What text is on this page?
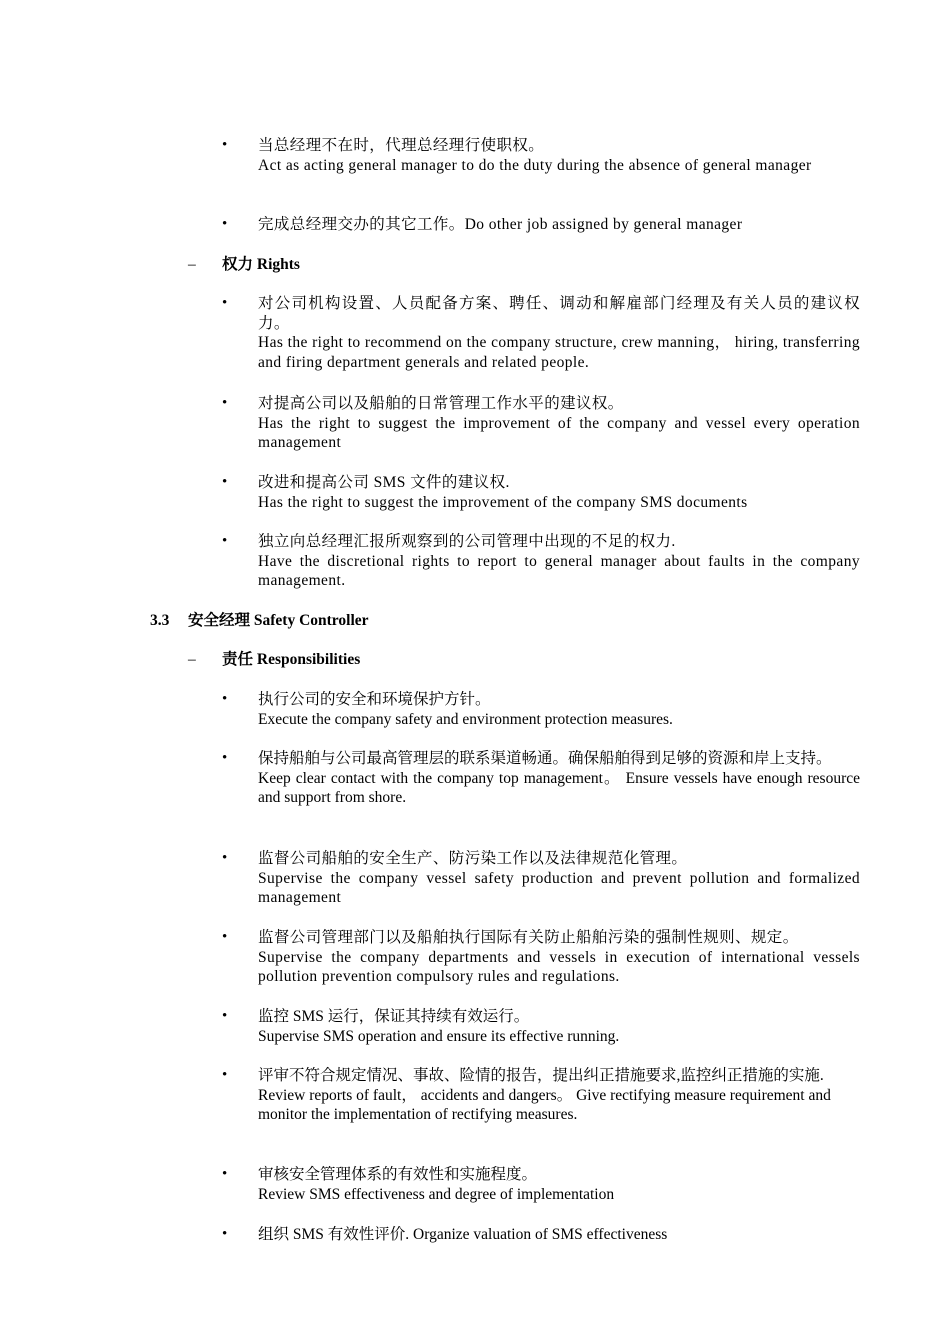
• 当总经理不在时，代理总经理行使职权。

Act as acting general manager to do the duty during the absence of general manager

• 完成总经理交办的其它工作。Do other job assigned by general manager

– 权力 Rights
• 对公司机构设置、人员配备方案、聘任、调动和解雇部门经理及有关人员的建议权力。

Has the right to recommend on the company structure, crew manning， hiring, transferring and firing department generals and related people.

• 对提高公司以及船舶的日常管理工作水平的建议权。

Has the right to suggest the improvement of the company and vessel every operation management

• 改进和提高公司 SMS 文件的建议权.

Has the right to suggest the improvement of the company SMS documents

• 独立向总经理汇报所观察到的公司管理中出现的不足的权力.

Have the discretional rights to report to general manager about faults in the company management.

3.3 安全经理 Safety Controller
– 责任 Responsibilities
• 执行公司的安全和环境保护方针。

Execute the company safety and environment protection measures.

• 保持船舶与公司最高管理层的联系渠道畅通。确保船舶得到足够的资源和岸上支持。

Keep clear contact with the company top management。 Ensure vessels have enough resource and support from shore.

• 监督公司船舶的安全生产、防污染工作以及法律规范化管理。

Supervise the company vessel safety production and prevent pollution and formalized management

• 监督公司管理部门以及船舶执行国际有关防止船舶污染的强制性规则、规定。

Supervise the company departments and vessels in execution of international vessels pollution prevention compulsory rules and regulations.

• 监控 SMS 运行，保证其持续有效运行。

Supervise SMS operation and ensure its effective running.

• 评审不符合规定情况、事故、险情的报告，提出纠正措施要求,监控纠正措施的实施.

Review reports of fault， accidents and dangers。 Give rectifying measure requirement and monitor the implementation of rectifying measures.

• 审核安全管理体系的有效性和实施程度。

Review SMS effectiveness and degree of implementation

• 组织 SMS 有效性评价. Organize valuation of SMS effectiveness
